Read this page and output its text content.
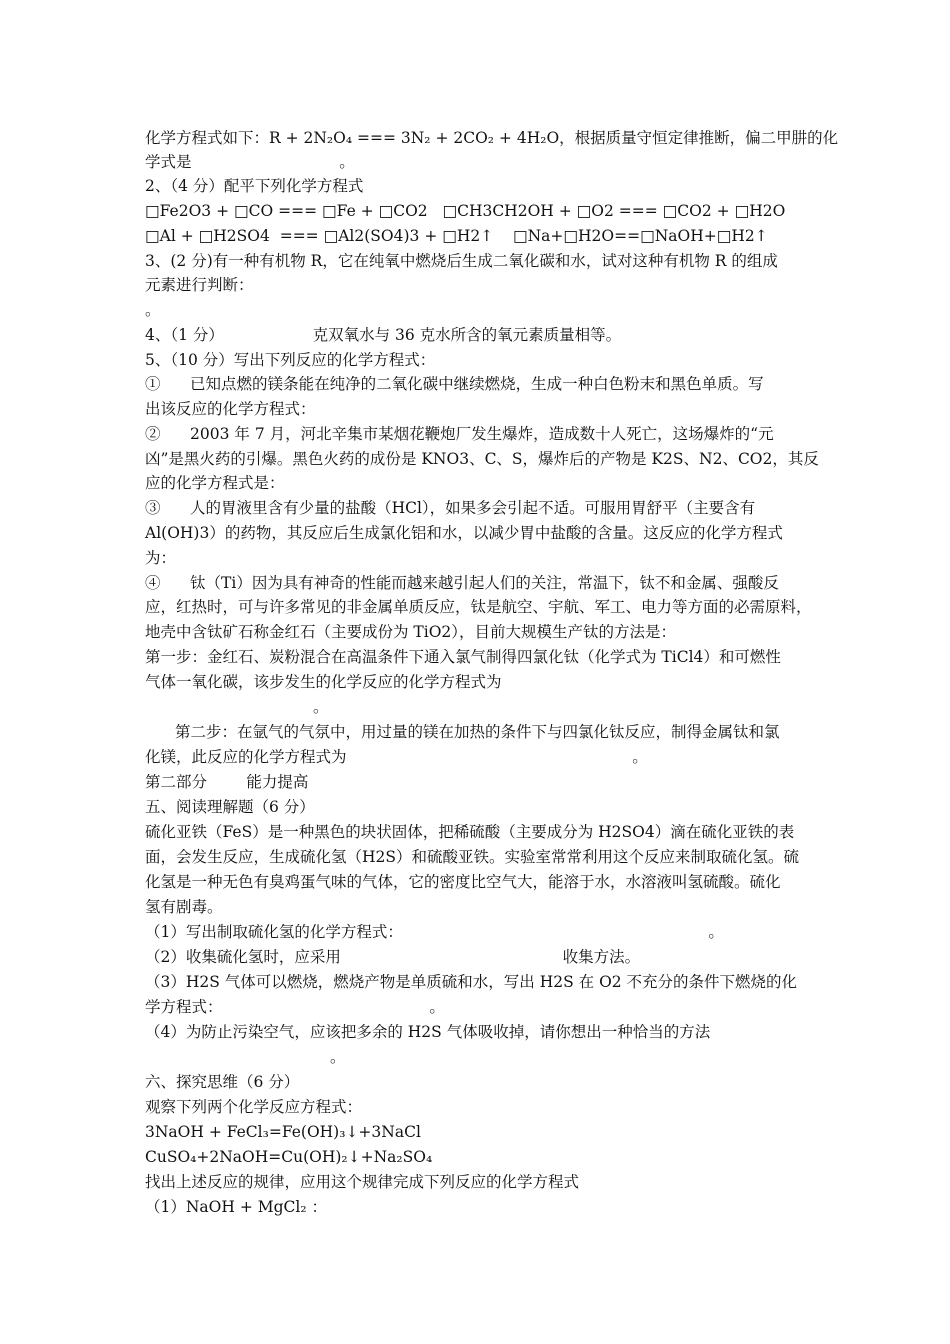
化学方程式如下：R + 2N₂O₄ === 3N₂ + 2CO₂ + 4H₂O，根据质量守恒定律推断，偏二甲肼的化
学式是                              。
2、（4 分）配平下列化学方程式
□Fe2O3 + □CO === □Fe + □CO2   □CH3CH2OH + □O2 === □CO2 + □H2O
□Al + □H2SO4  === □Al2(SO4)3 + □H2↑    □Na+□H2O==□NaOH+□H2↑
3、(2 分)有一种有机物 R，它在纯氧中燃烧后生成二氧化碳和水，试对这种有机物 R 的组成
元素进行判断：
。
4、（1 分）                  克双氧水与 36 克水所含的氧元素质量相等。
5、（10 分）写出下列反应的化学方程式：
①      已知点燃的镁条能在纯净的二氧化碳中继续燃烧，生成一种白色粉末和黑色单质。写
出该反应的化学方程式：
②      2003 年 7 月，河北辛集市某烟花鞭炮厂发生爆炸，造成数十人死亡，这场爆炸的“元
凶”是黑火药的引爆。黑色火药的成份是 KNO3、C、S，爆炸后的产物是 K2S、N2、CO2，其反
应的化学方程式是：
③      人的胃液里含有少量的盐酸（HCl），如果多会引起不适。可服用胃舒平（主要含有
Al(OH)3）的药物，其反应后生成氯化铝和水，以减少胃中盐酸的含量。这反应的化学方程式
为：
④      钛（Ti）因为具有神奇的性能而越来越引起人们的关注，常温下，钛不和金属、强酸反
应，红热时，可与许多常见的非金属单质反应，钛是航空、宇航、军工、电力等方面的必需原料，
地壳中含钛矿石称金红石（主要成份为 TiO2），目前大规模生产钛的方法是：
第一步：金红石、炭粉混合在高温条件下通入氯气制得四氯化钛（化学式为 TiCl4）和可燃性
气体一氧化碳，该步发生的化学反应的化学方程式为
。
第二步：在氩气的气氛中，用过量的镁在加热的条件下与四氯化钛反应，制得金属钛和氯
化镁，此反应的化学方程式为                                                          。
第二部分        能力提高
五、阅读理解题（6 分）
硫化亚铁（FeS）是一种黑色的块状固体，把稀硫酸（主要成分为 H2SO4）滴在硫化亚铁的表
面，会发生反应，生成硫化氢（H2S）和硫酸亚铁。实验室常常利用这个反应来制取硫化氢。硫
化氢是一种无色有臭鸡蛋气味的气体，它的密度比空气大，能溶于水，水溶液叫氢硫酸。硫化
氢有剧毒。
（1）写出制取硫化氢的化学方程式：                                                              。
（2）收集硫化氢时，应采用                                             收集方法。
（3）H2S 气体可以燃烧，燃烧产物是单质硫和水，写出 H2S 在 O2 不充分的条件下燃烧的化
学方程式：                                          。
（4）为防止污染空气，应该把多余的 H2S 气体吸收掉，请你想出一种恰当的方法
。
六、探究思维（6 分）
观察下列两个化学反应方程式：
3NaOH + FeCl₃=Fe(OH)₃↓+3NaCl
CuSO₄+2NaOH=Cu(OH)₂↓+Na₂SO₄
找出上述反应的规律，应用这个规律完成下列反应的化学方程式
（1）NaOH + MgCl₂ ：
